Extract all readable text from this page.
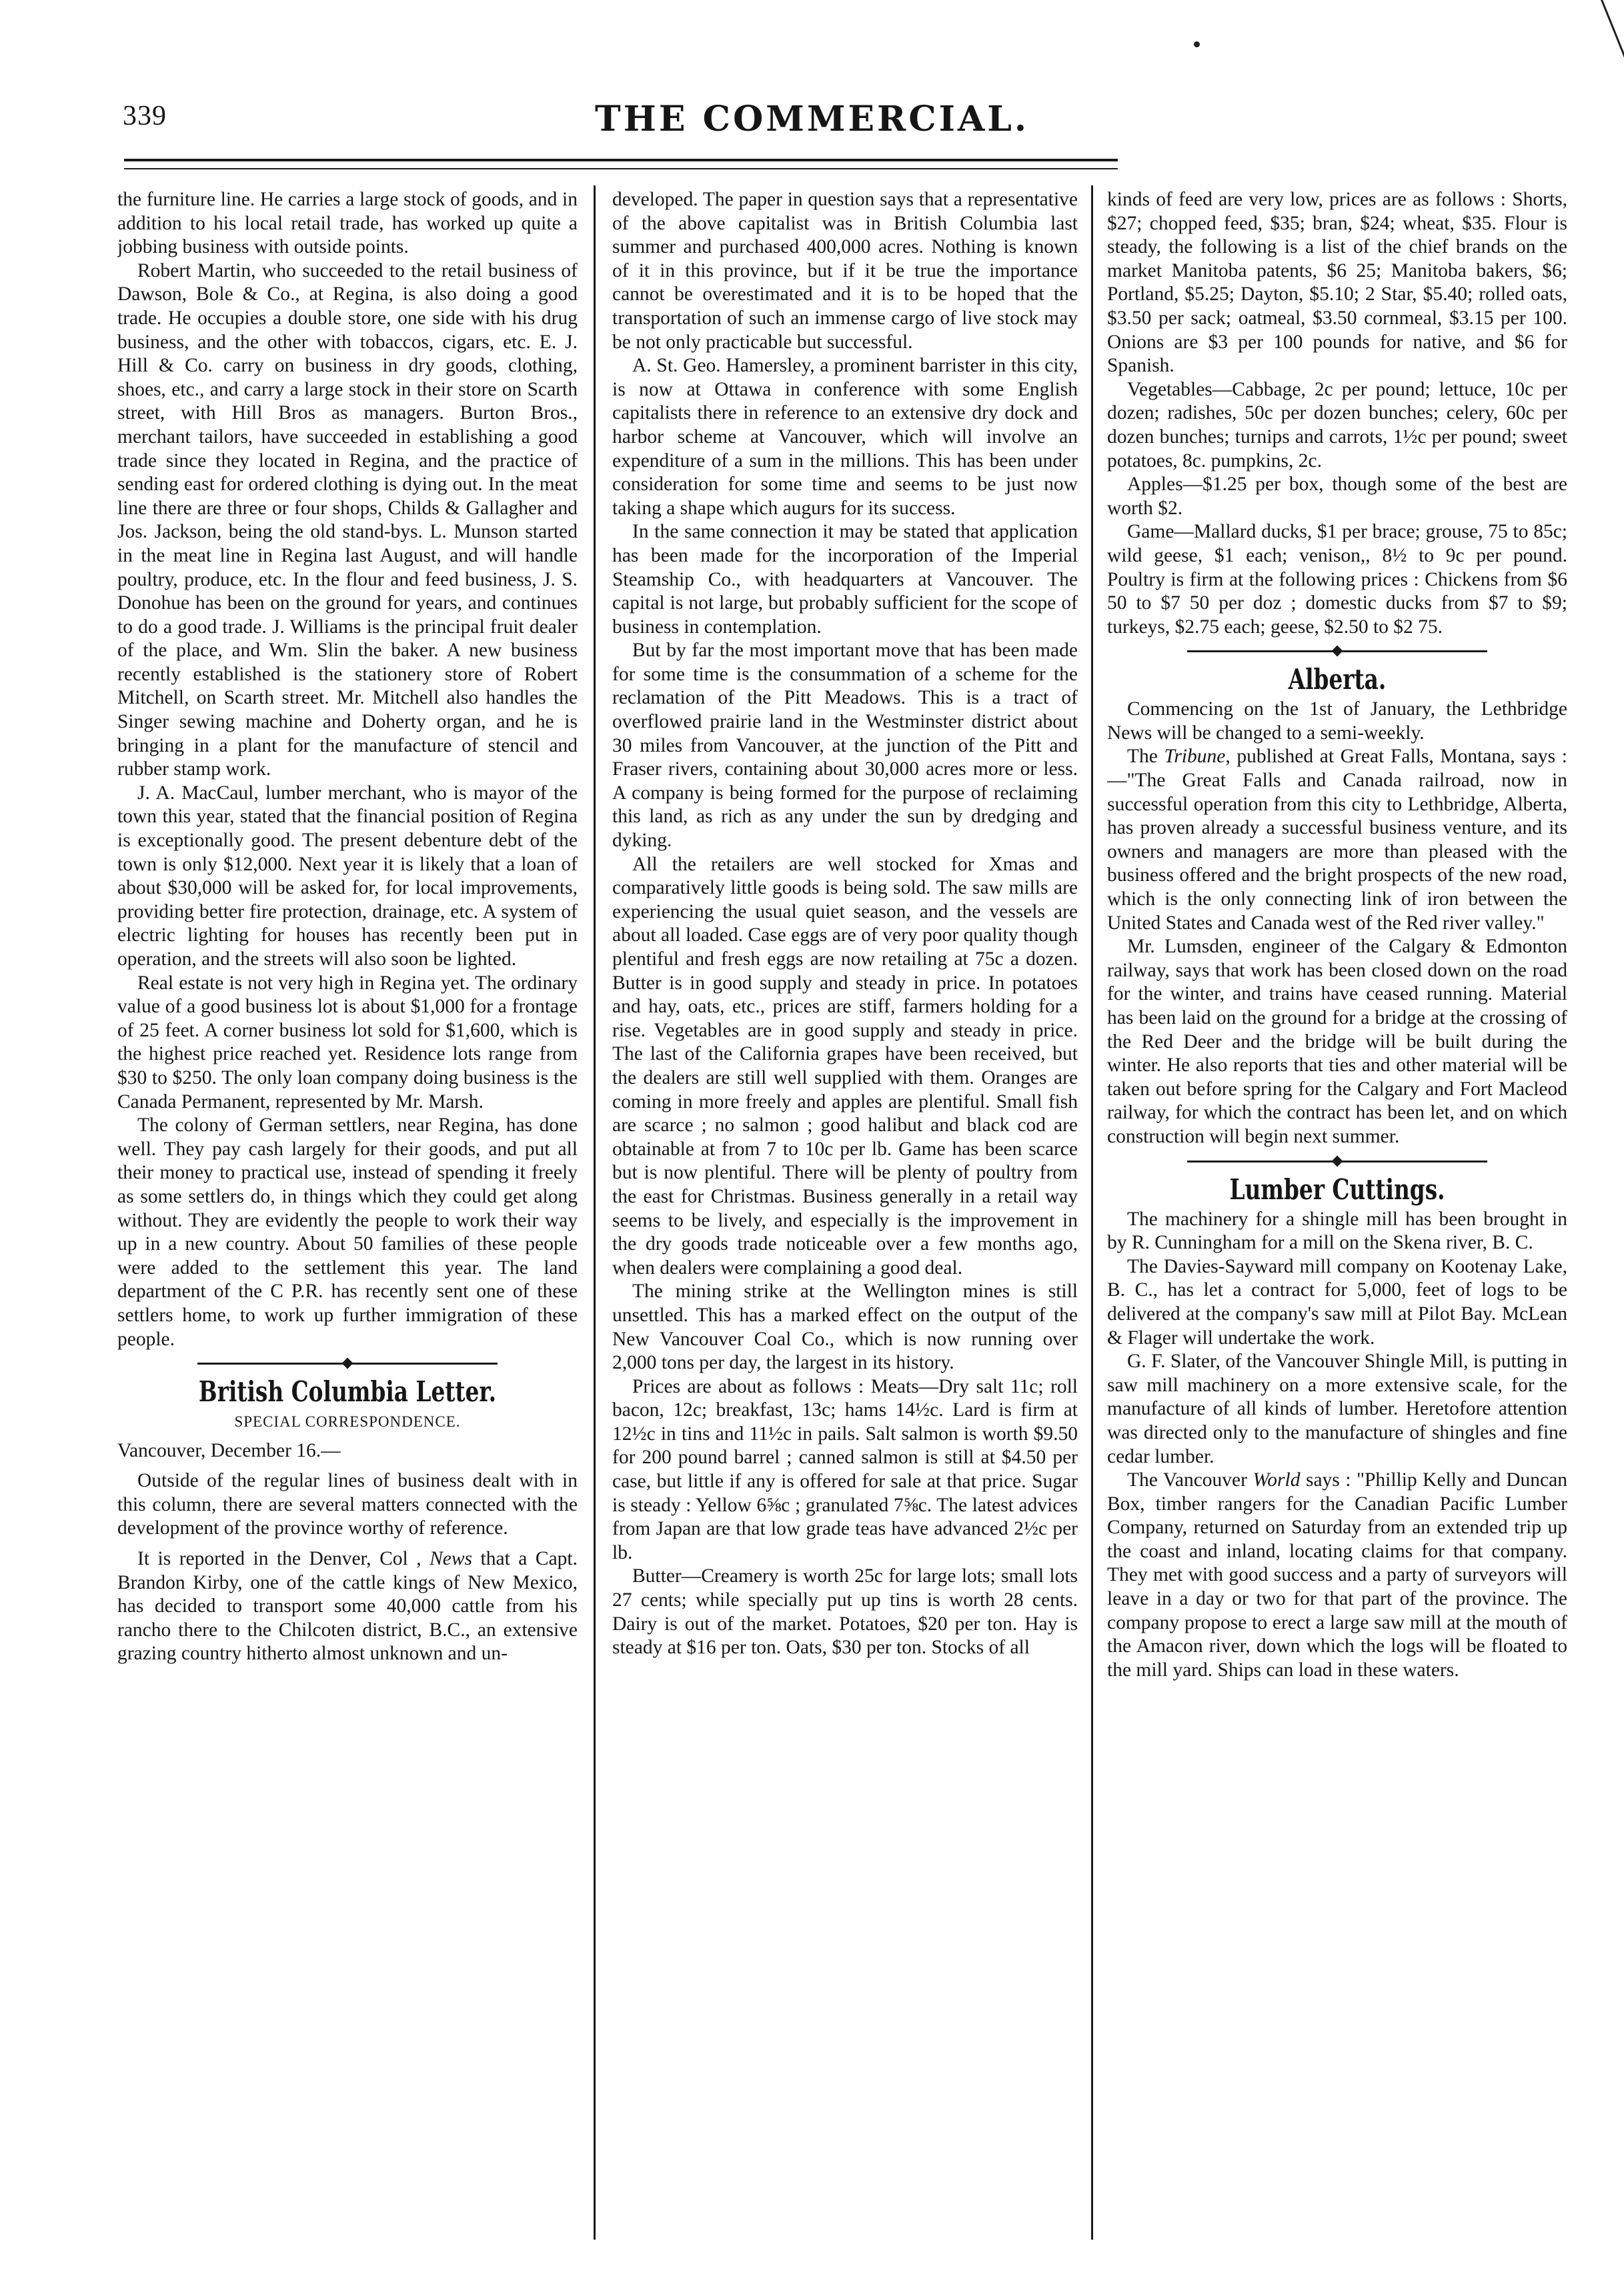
339	THE COMMERCIAL.

the furniture line. He carries a large stock of goods, and in addition to his local retail trade, has worked up quite a jobbing business with outside points.

Robert Martin, who succeeded to the retail business of Dawson, Bole & Co., at Regina, is also doing a good trade. He occupies a double store, one side with his drug business, and the other with tobaccos, cigars, etc. E. J. Hill & Co. carry on business in dry goods, clothing, shoes, etc., and carry a large stock in their store on Scarth street, with Hill Bros as managers. Burton Bros., merchant tailors, have succeeded in establishing a good trade since they located in Regina, and the practice of sending east for ordered clothing is dying out. In the meat line there are three or four shops, Childs & Gallagher and Jos. Jackson, being the old stand-bys. L. Munson started in the meat line in Regina last August, and will handle poultry, produce, etc. In the flour and feed business, J. S. Donohue has been on the ground for years, and continues to do a good trade. J. Williams is the principal fruit dealer of the place, and Wm. Slin the baker. A new business recently established is the stationery store of Robert Mitchell, on Scarth street. Mr. Mitchell also handles the Singer sewing machine and Doherty organ, and he is bringing in a plant for the manufacture of stencil and rubber stamp work.

J. A. MacCaul, lumber merchant, who is mayor of the town this year, stated that the financial position of Regina is exceptionally good. The present debenture debt of the town is only $12,000. Next year it is likely that a loan of about $30,000 will be asked for, for local improvements, providing better fire protection, drainage, etc. A system of electric lighting for houses has recently been put in operation, and the streets will also soon be lighted.

Real estate is not very high in Regina yet. The ordinary value of a good business lot is about $1,000 for a frontage of 25 feet. A corner business lot sold for $1,600, which is the highest price reached yet. Residence lots range from $30 to $250. The only loan company doing business is the Canada Permanent, represented by Mr. Marsh.

The colony of German settlers, near Regina, has done well. They pay cash largely for their goods, and put all their money to practical use, instead of spending it freely as some settlers do, in things which they could get along without. They are evidently the people to work their way up in a new country. About 50 families of these people were added to the settlement this year. The land department of the C P.R. has recently sent one of these settlers home, to work up further immigration of these people.

British Columbia Letter.
SPECIAL CORRESPONDENCE.

Vancouver, December 16.—

Outside of the regular lines of business dealt with in this column, there are several matters connected with the development of the province worthy of reference.

It is reported in the Denver, Col , News that a Capt. Brandon Kirby, one of the cattle kings of New Mexico, has decided to transport some 40,000 cattle from his rancho there to the Chilcoten district, B.C., an extensive grazing country hitherto almost unknown and un-

developed. The paper in question says that a representative of the above capitalist was in British Columbia last summer and purchased 400,000 acres. Nothing is known of it in this province, but if it be true the importance cannot be overestimated and it is to be hoped that the transportation of such an immense cargo of live stock may be not only practicable but successful.

A. St. Geo. Hamersley, a prominent barrister in this city, is now at Ottawa in conference with some English capitalists there in reference to an extensive dry dock and harbor scheme at Vancouver, which will involve an expenditure of a sum in the millions. This has been under consideration for some time and seems to be just now taking a shape which augurs for its success.

In the same connection it may be stated that application has been made for the incorporation of the Imperial Steamship Co., with headquarters at Vancouver. The capital is not large, but probably sufficient for the scope of business in contemplation.

But by far the most important move that has been made for some time is the consummation of a scheme for the reclamation of the Pitt Meadows. This is a tract of overflowed prairie land in the Westminster district about 30 miles from Vancouver, at the junction of the Pitt and Fraser rivers, containing about 30,000 acres more or less. A company is being formed for the purpose of reclaiming this land, as rich as any under the sun by dredging and dyking.

All the retailers are well stocked for Xmas and comparatively little goods is being sold. The saw mills are experiencing the usual quiet season, and the vessels are about all loaded. Case eggs are of very poor quality though plentiful and fresh eggs are now retailing at 75c a dozen. Butter is in good supply and steady in price. In potatoes and hay, oats, etc., prices are stiff, farmers holding for a rise. Vegetables are in good supply and steady in price. The last of the California grapes have been received, but the dealers are still well supplied with them. Oranges are coming in more freely and apples are plentiful. Small fish are scarce ; no salmon ; good halibut and black cod are obtainable at from 7 to 10c per lb. Game has been scarce but is now plentiful. There will be plenty of poultry from the east for Christmas. Business generally in a retail way seems to be lively, and especially is the improvement in the dry goods trade noticeable over a few months ago, when dealers were complaining a good deal.

The mining strike at the Wellington mines is still unsettled. This has a marked effect on the output of the New Vancouver Coal Co., which is now running over 2,000 tons per day, the largest in its history.

Prices are about as follows : Meats—Dry salt 11c; roll bacon, 12c; breakfast, 13c; hams 14½c. Lard is firm at 12½c in tins and 11½c in pails. Salt salmon is worth $9.50 for 200 pound barrel ; canned salmon is still at $4.50 per case, but little if any is offered for sale at that price. Sugar is steady : Yellow 6⅝c ; granulated 7⅝c. The latest advices from Japan are that low grade teas have advanced 2½c per lb.

Butter—Creamery is worth 25c for large lots; small lots 27 cents; while specially put up tins is worth 28 cents. Dairy is out of the market. Potatoes, $20 per ton. Hay is steady at $16 per ton. Oats, $30 per ton. Stocks of all

kinds of feed are very low, prices are as follows : Shorts, $27; chopped feed, $35; bran, $24; wheat, $35. Flour is steady, the following is a list of the chief brands on the market Manitoba patents, $6 25; Manitoba bakers, $6; Portland, $5.25; Dayton, $5.10; 2 Star, $5.40; rolled oats, $3.50 per sack; oatmeal, $3.50 cornmeal, $3.15 per 100. Onions are $3 per 100 pounds for native, and $6 for Spanish.

Vegetables—Cabbage, 2c per pound; lettuce, 10c per dozen; radishes, 50c per dozen bunches; celery, 60c per dozen bunches; turnips and carrots, 1½c per pound; sweet potatoes, 8c. pumpkins, 2c.

Apples—$1.25 per box, though some of the best are worth $2.

Game—Mallard ducks, $1 per brace; grouse, 75 to 85c; wild geese, $1 each; venison,, 8½ to 9c per pound. Poultry is firm at the following prices : Chickens from $6 50 to $7 50 per doz ; domestic ducks from $7 to $9; turkeys, $2.75 each; geese, $2.50 to $2 75.

Alberta.

Commencing on the 1st of January, the Lethbridge News will be changed to a semi-weekly.

The Tribune, published at Great Falls, Montana, says :—"The Great Falls and Canada railroad, now in successful operation from this city to Lethbridge, Alberta, has proven already a successful business venture, and its owners and managers are more than pleased with the business offered and the bright prospects of the new road, which is the only connecting link of iron between the United States and Canada west of the Red river valley."

Mr. Lumsden, engineer of the Calgary & Edmonton railway, says that work has been closed down on the road for the winter, and trains have ceased running. Material has been laid on the ground for a bridge at the crossing of the Red Deer and the bridge will be built during the winter. He also reports that ties and other material will be taken out before spring for the Calgary and Fort Macleod railway, for which the contract has been let, and on which construction will begin next summer.

Lumber Cuttings.

The machinery for a shingle mill has been brought in by R. Cunningham for a mill on the Skena river, B. C.

The Davies-Sayward mill company on Kootenay Lake, B. C., has let a contract for 5,000, feet of logs to be delivered at the company's saw mill at Pilot Bay. McLean & Flager will undertake the work.

G. F. Slater, of the Vancouver Shingle Mill, is putting in saw mill machinery on a more extensive scale, for the manufacture of all kinds of lumber. Heretofore attention was directed only to the manufacture of shingles and fine cedar lumber.

The Vancouver World says : "Phillip Kelly and Duncan Box, timber rangers for the Canadian Pacific Lumber Company, returned on Saturday from an extended trip up the coast and inland, locating claims for that company. They met with good success and a party of surveyors will leave in a day or two for that part of the province. The company propose to erect a large saw mill at the mouth of the Amacon river, down which the logs will be floated to the mill yard. Ships can load in these waters.
